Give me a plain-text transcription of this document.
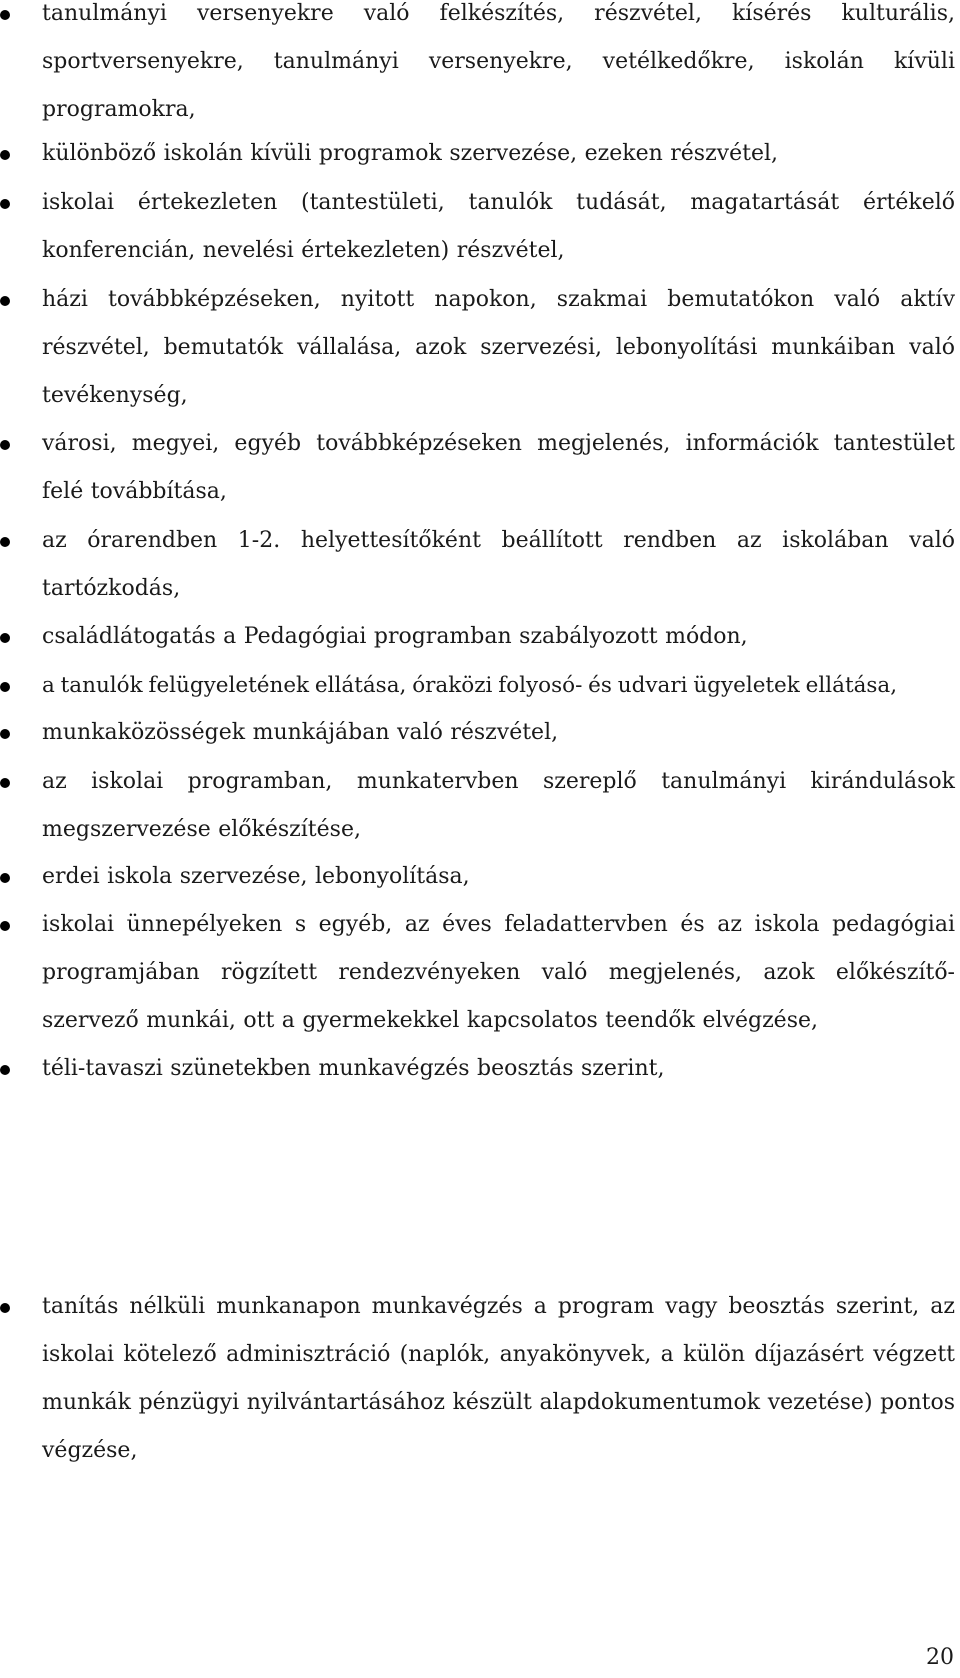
tanulmányi versenyekre való felkészítés, részvétel, kísérés kulturális, sportversenyekre, tanulmányi versenyekre, vetélkedőkre, iskolán kívüli programokra,

különböző iskolán kívüli programok szervezése, ezeken részvétel,

iskolai értekezleten (tantestületi, tanulók tudását, magatartását értékelő konferencián, nevelési értekezleten) részvétel,

házi továbbképzéseken, nyitott napokon, szakmai bemutatókon való aktív részvétel, bemutatók vállalása, azok szervezési, lebonyolítási munkáiban való tevékenység,

városi, megyei, egyéb továbbképzéseken megjelenés, információk tantestület felé továbbítása,

az órarendben 1-2. helyettesítőként beállított rendben az iskolában való tartózkodás,

családlátogatás a Pedagógiai programban szabályozott módon,

a tanulók felügyeletének ellátása, óraközi folyosó- és udvari ügyeletek ellátása,

munkaközösségek munkájában való részvétel,

az iskolai programban, munkatervben szereplő tanulmányi kirándulások megszervezése előkészítése,

erdei iskola szervezése, lebonyolítása,

iskolai ünnepélyeken s egyéb, az éves feladattervben és az iskola pedagógiai programjában rögzített rendezvényeken való megjelenés, azok előkészítő-szervező munkái, ott a gyermekekkel kapcsolatos teendők elvégzése,

téli-tavaszi szünetekben munkavégzés beosztás szerint,

tanítás nélküli munkanapon munkavégzés a program vagy beosztás szerint, az iskolai kötelező adminisztráció (naplók, anyakönyvek, a külön díjazásért végzett munkák pénzügyi nyilvántartásához készült alapdokumentumok vezetése) pontos végzése,

20
